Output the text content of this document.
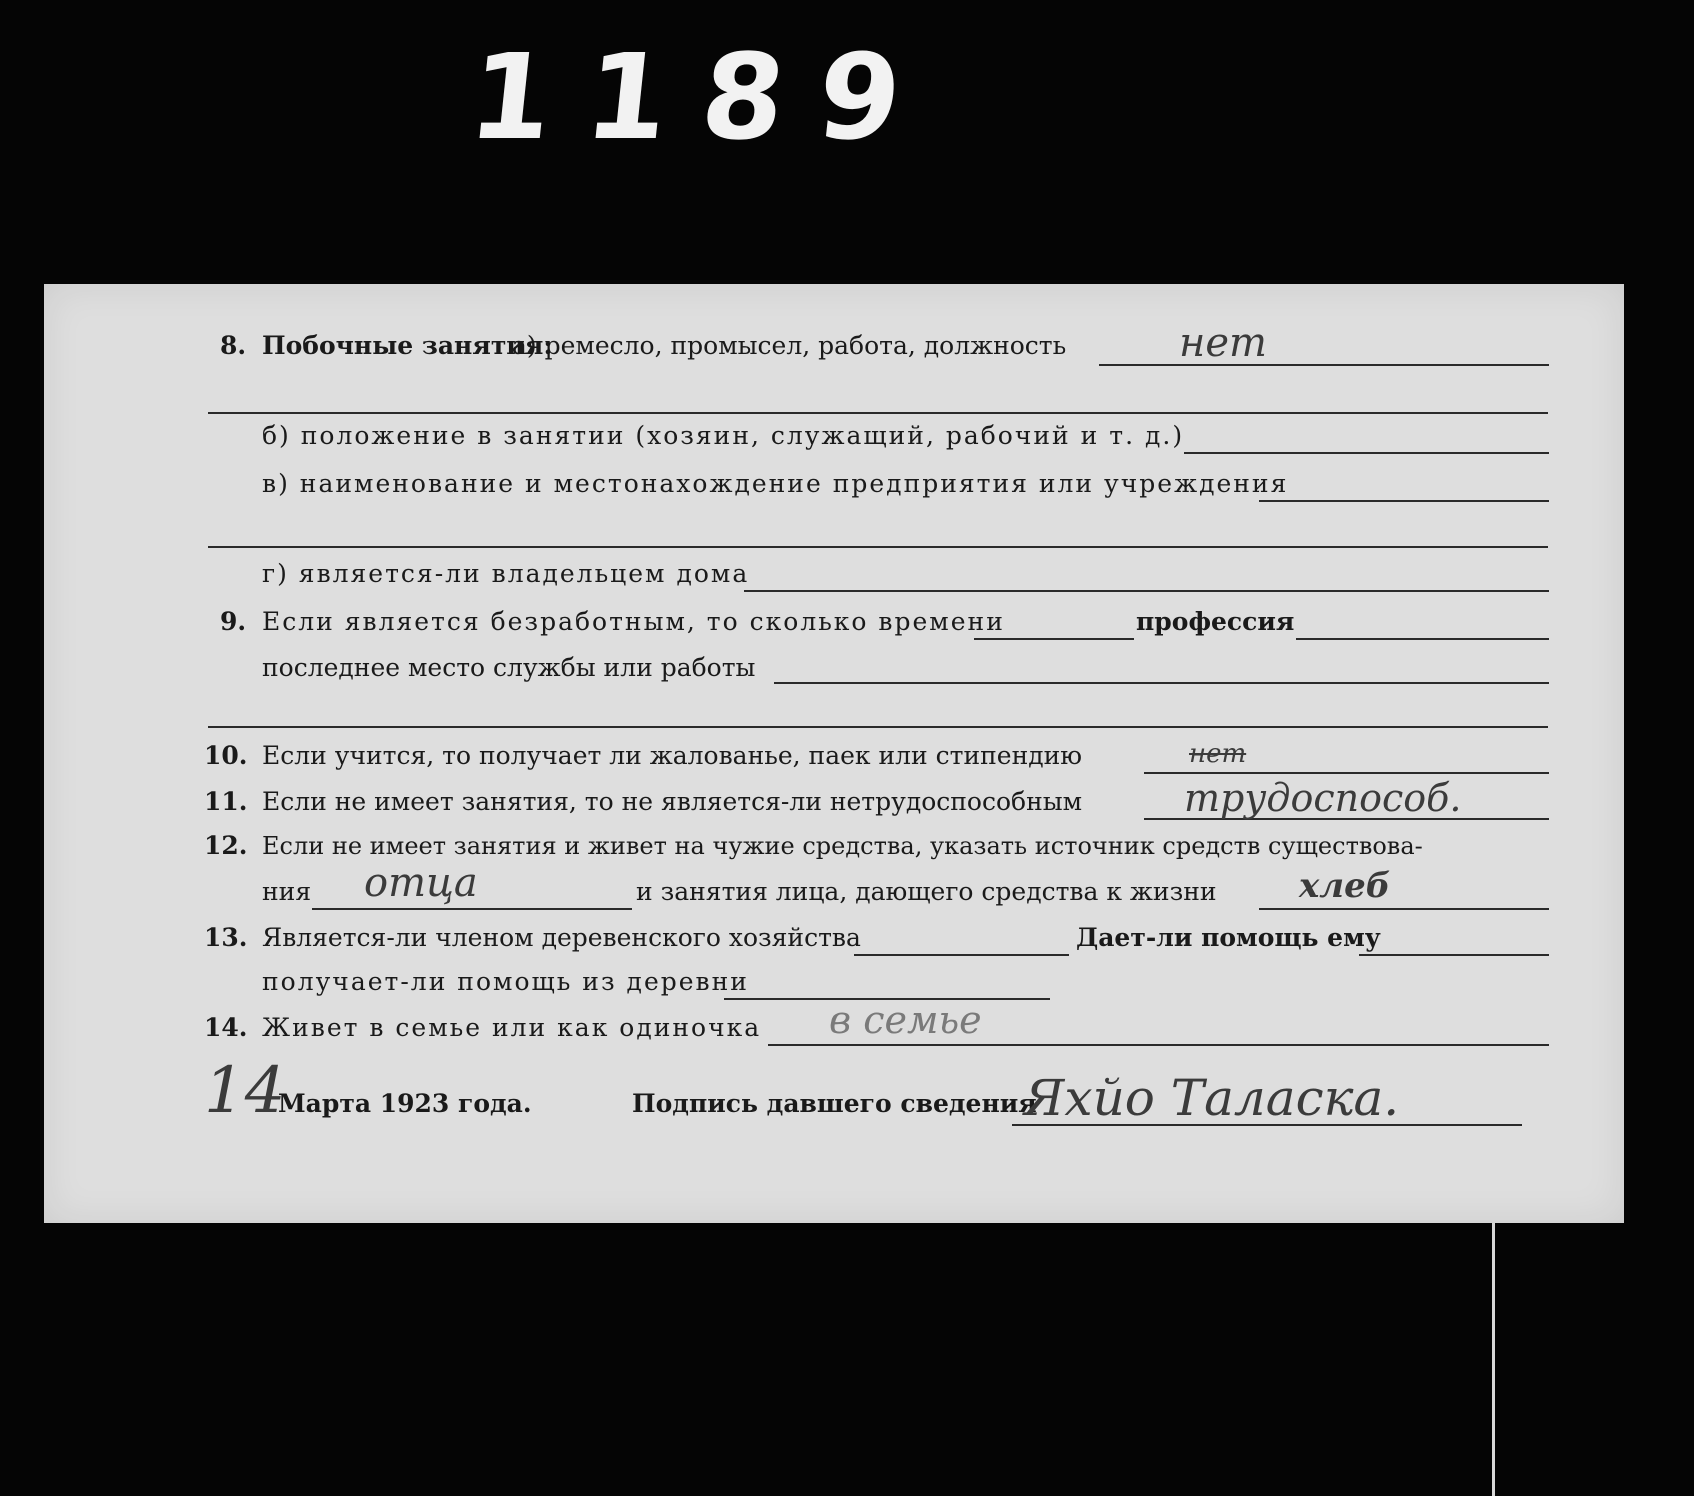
1189
8. Побочные занятия:
а) ремесло, промысел, работа, должность	нет
б) положение в занятии (хозяин, служащий, рабочий и т. д.)
в) наименование и местонахождение предприятия или учреждения
г) является-ли владельцем дома
9. Если является безработным, то сколько времени	профессия
последнее место службы или работы
10. Если учится, то получает ли жалованье, паек или стипендию	нет
11. Если не имеет занятия, то не является-ли нетрудоспособным	трудоспособ.
12. Если не имеет занятия и живет на чужие средства, указать источник средств существова-
ния	и занятия лица, дающего средства к жизни
отца	хлеб
13. Является-ли членом деревенского хозяйства	Дает-ли помощь ему
получает-ли помощь из деревни
14. Живет в семье или как одиночка в семье
14
Марта 1923 года.	Подпись давшего сведения
Яхйо Таласка.
